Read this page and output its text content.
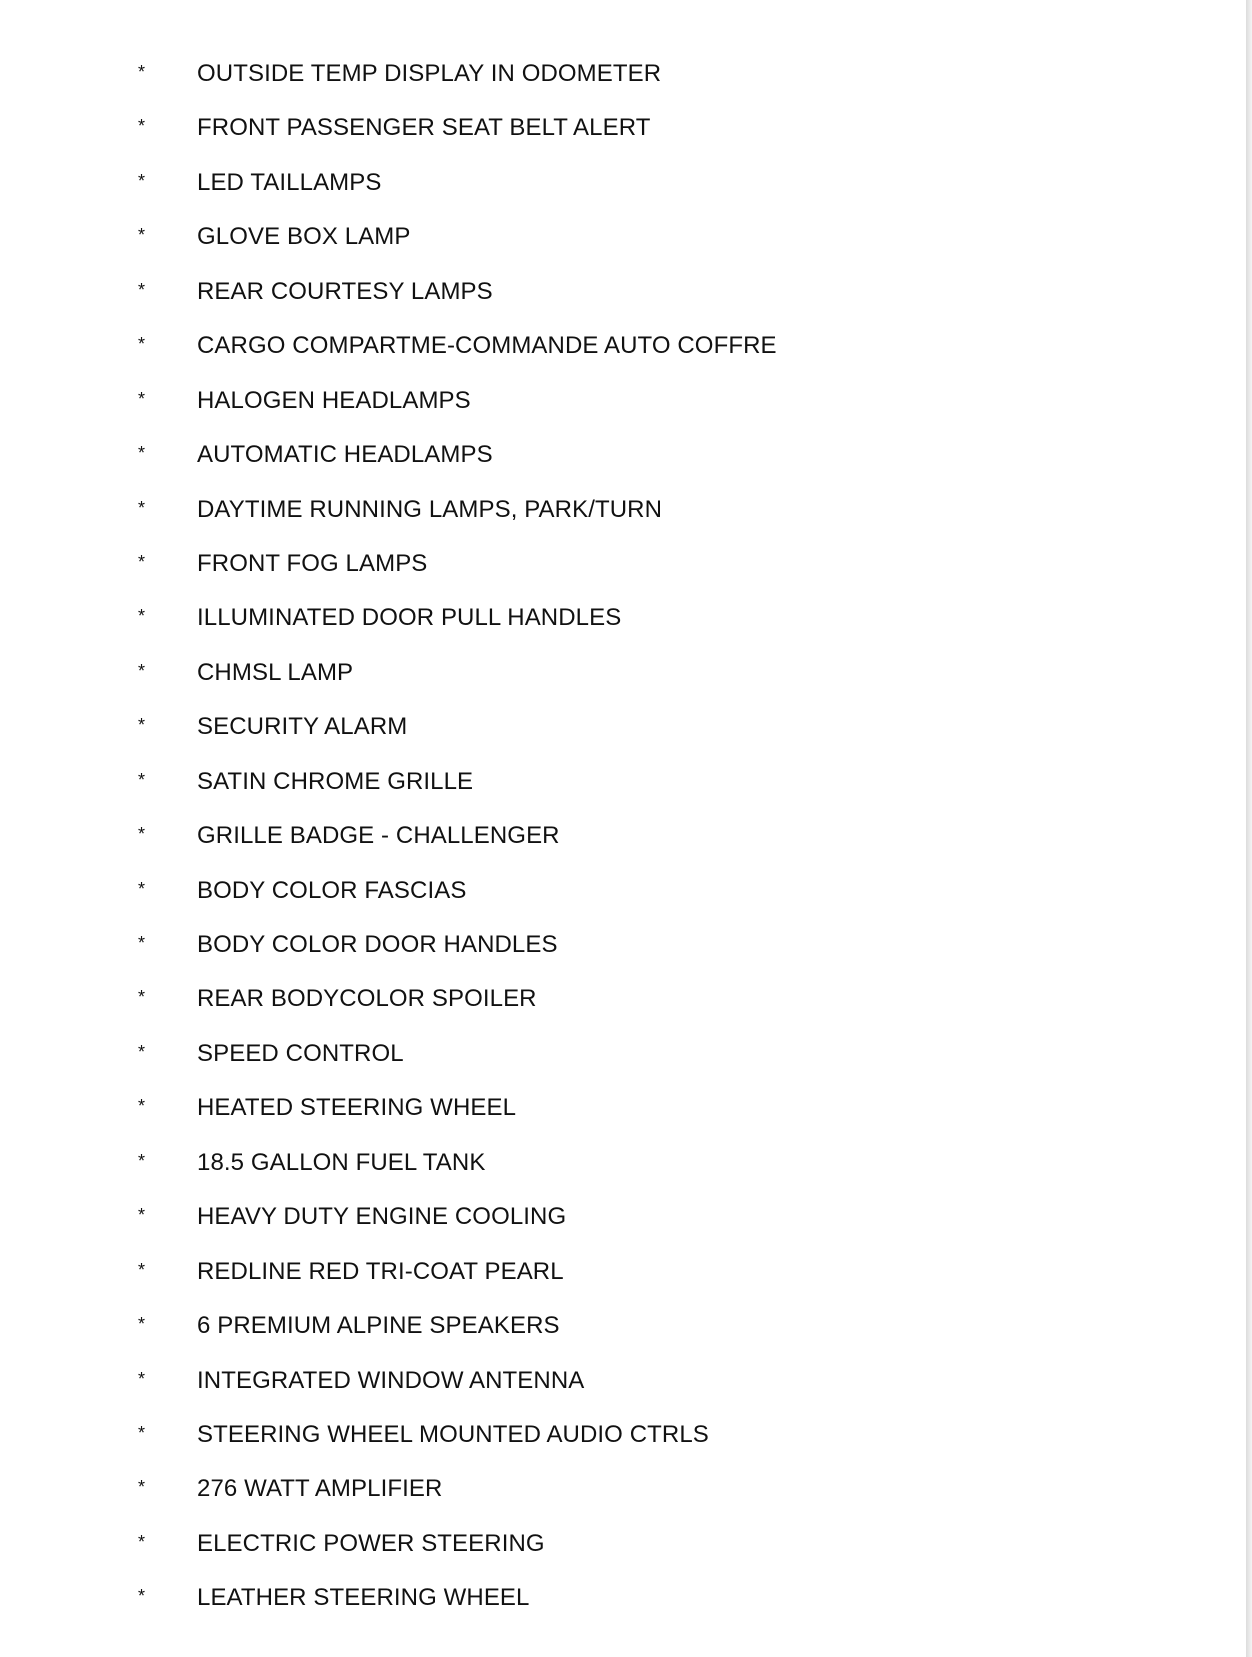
* OUTSIDE TEMP DISPLAY IN ODOMETER
* FRONT PASSENGER SEAT BELT ALERT
* LED TAILLAMPS
* GLOVE BOX LAMP
* REAR COURTESY LAMPS
* CARGO COMPARTME-COMMANDE AUTO COFFRE
* HALOGEN HEADLAMPS
* AUTOMATIC HEADLAMPS
* DAYTIME RUNNING LAMPS, PARK/TURN
* FRONT FOG LAMPS
* ILLUMINATED DOOR PULL HANDLES
* CHMSL LAMP
* SECURITY ALARM
* SATIN CHROME GRILLE
* GRILLE BADGE - CHALLENGER
* BODY COLOR FASCIAS
* BODY COLOR DOOR HANDLES
* REAR BODYCOLOR SPOILER
* SPEED CONTROL
* HEATED STEERING WHEEL
* 18.5 GALLON FUEL TANK
* HEAVY DUTY ENGINE COOLING
* REDLINE RED TRI-COAT PEARL
* 6 PREMIUM ALPINE SPEAKERS
* INTEGRATED WINDOW ANTENNA
* STEERING WHEEL MOUNTED AUDIO CTRLS
* 276 WATT AMPLIFIER
* ELECTRIC POWER STEERING
* LEATHER STEERING WHEEL
